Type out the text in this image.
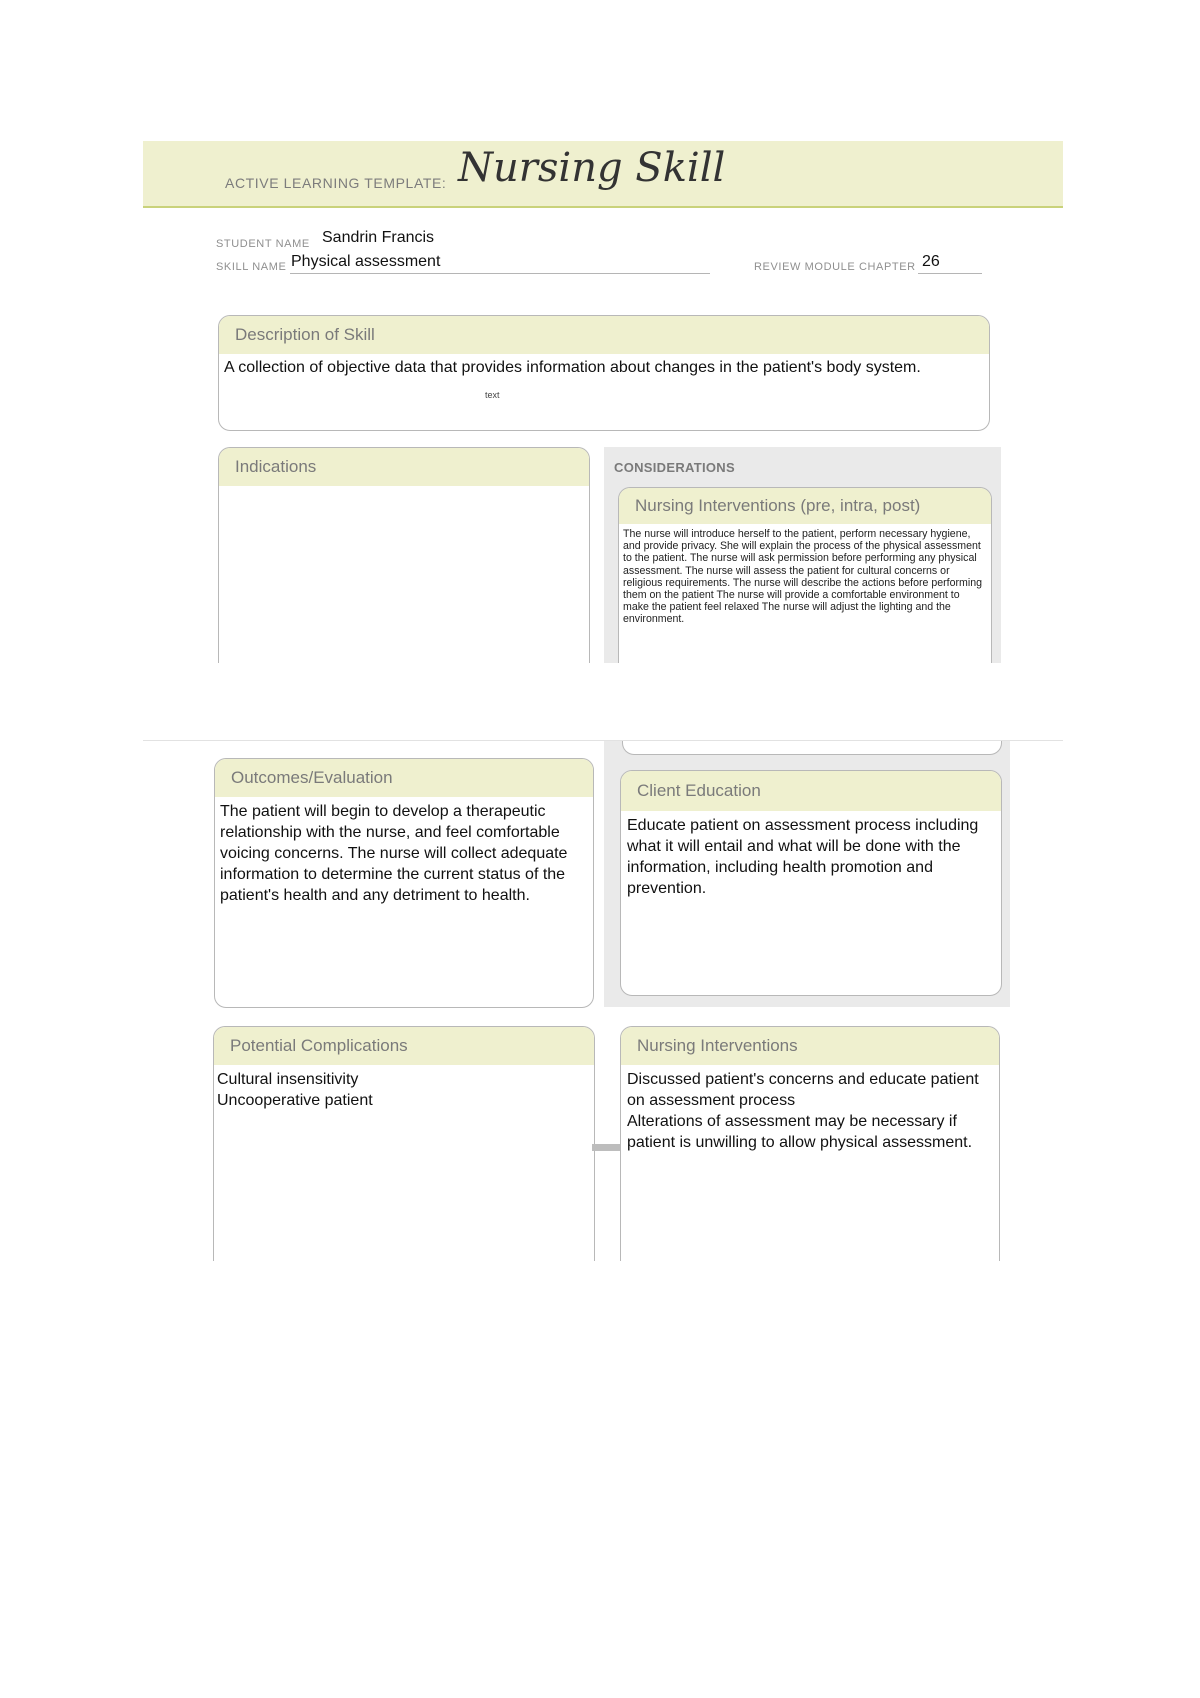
ACTIVE LEARNING TEMPLATE: Nursing Skill
STUDENT NAME Sandrin Francis
SKILL NAME Physical assessment	REVIEW MODULE CHAPTER 26
Description of Skill
A collection of objective data that provides information about changes in the patient's body system.
text
Indications	CONSIDERATIONS
Nursing Interventions (pre, intra, post)
The nurse will introduce herself to the patient, perform necessary hygiene, and provide privacy. She will explain the process of the physical assessment to the patient. The nurse will ask permission before performing any physical assessment. The nurse will assess the patient for cultural concerns or religious requirements. The nurse will describe the actions before performing them on the patient The nurse will provide a comfortable environment to make the patient feel relaxed The nurse will adjust the lighting and the environment.
Client Education
Educate patient on assessment process including what it will entail and what will be done with the information, including health promotion and prevention.
Outcomes/Evaluation
The patient will begin to develop a therapeutic relationship with the nurse, and feel comfortable voicing concerns. The nurse will collect adequate information to determine the current status of the patient's health and any detriment to health.
Potential Complications
Cultural insensitivity
Uncooperative patient
Nursing Interventions
Discussed patient's concerns and educate patient on assessment process
Alterations of assessment may be necessary if patient is unwilling to allow physical assessment.
